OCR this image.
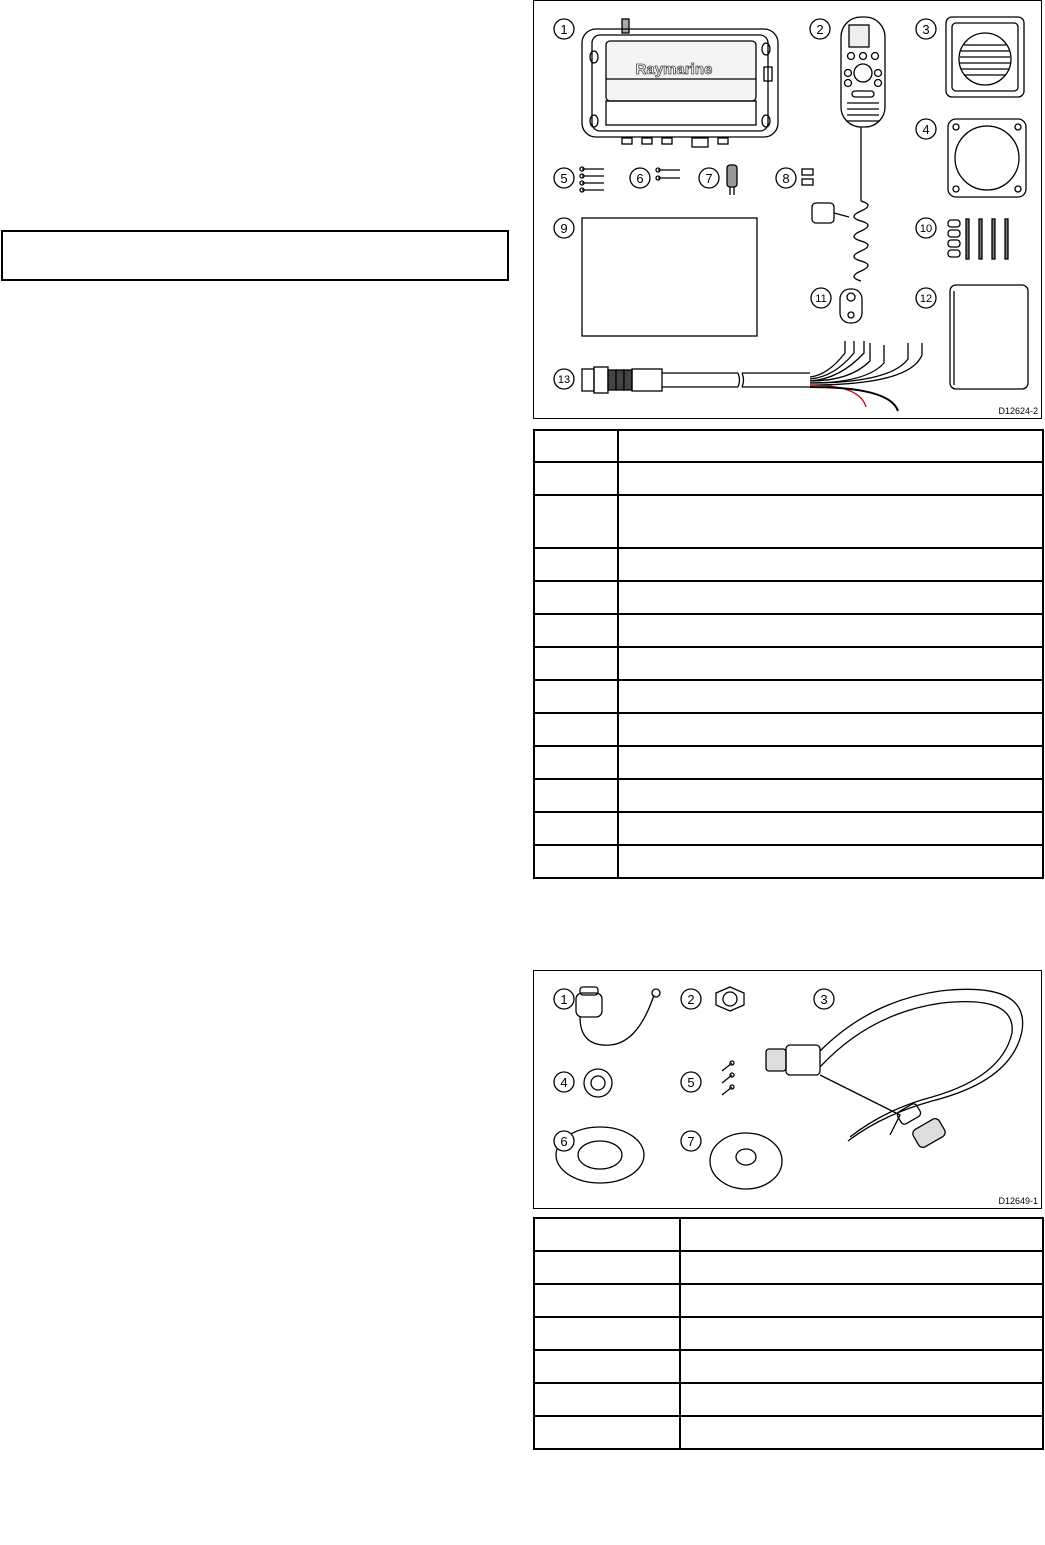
Raymarine
1	2	3
4
5	6	7	8
9	10
11	12
13
D12624-2

1	2	3
4	5
6	7
D12649-1
